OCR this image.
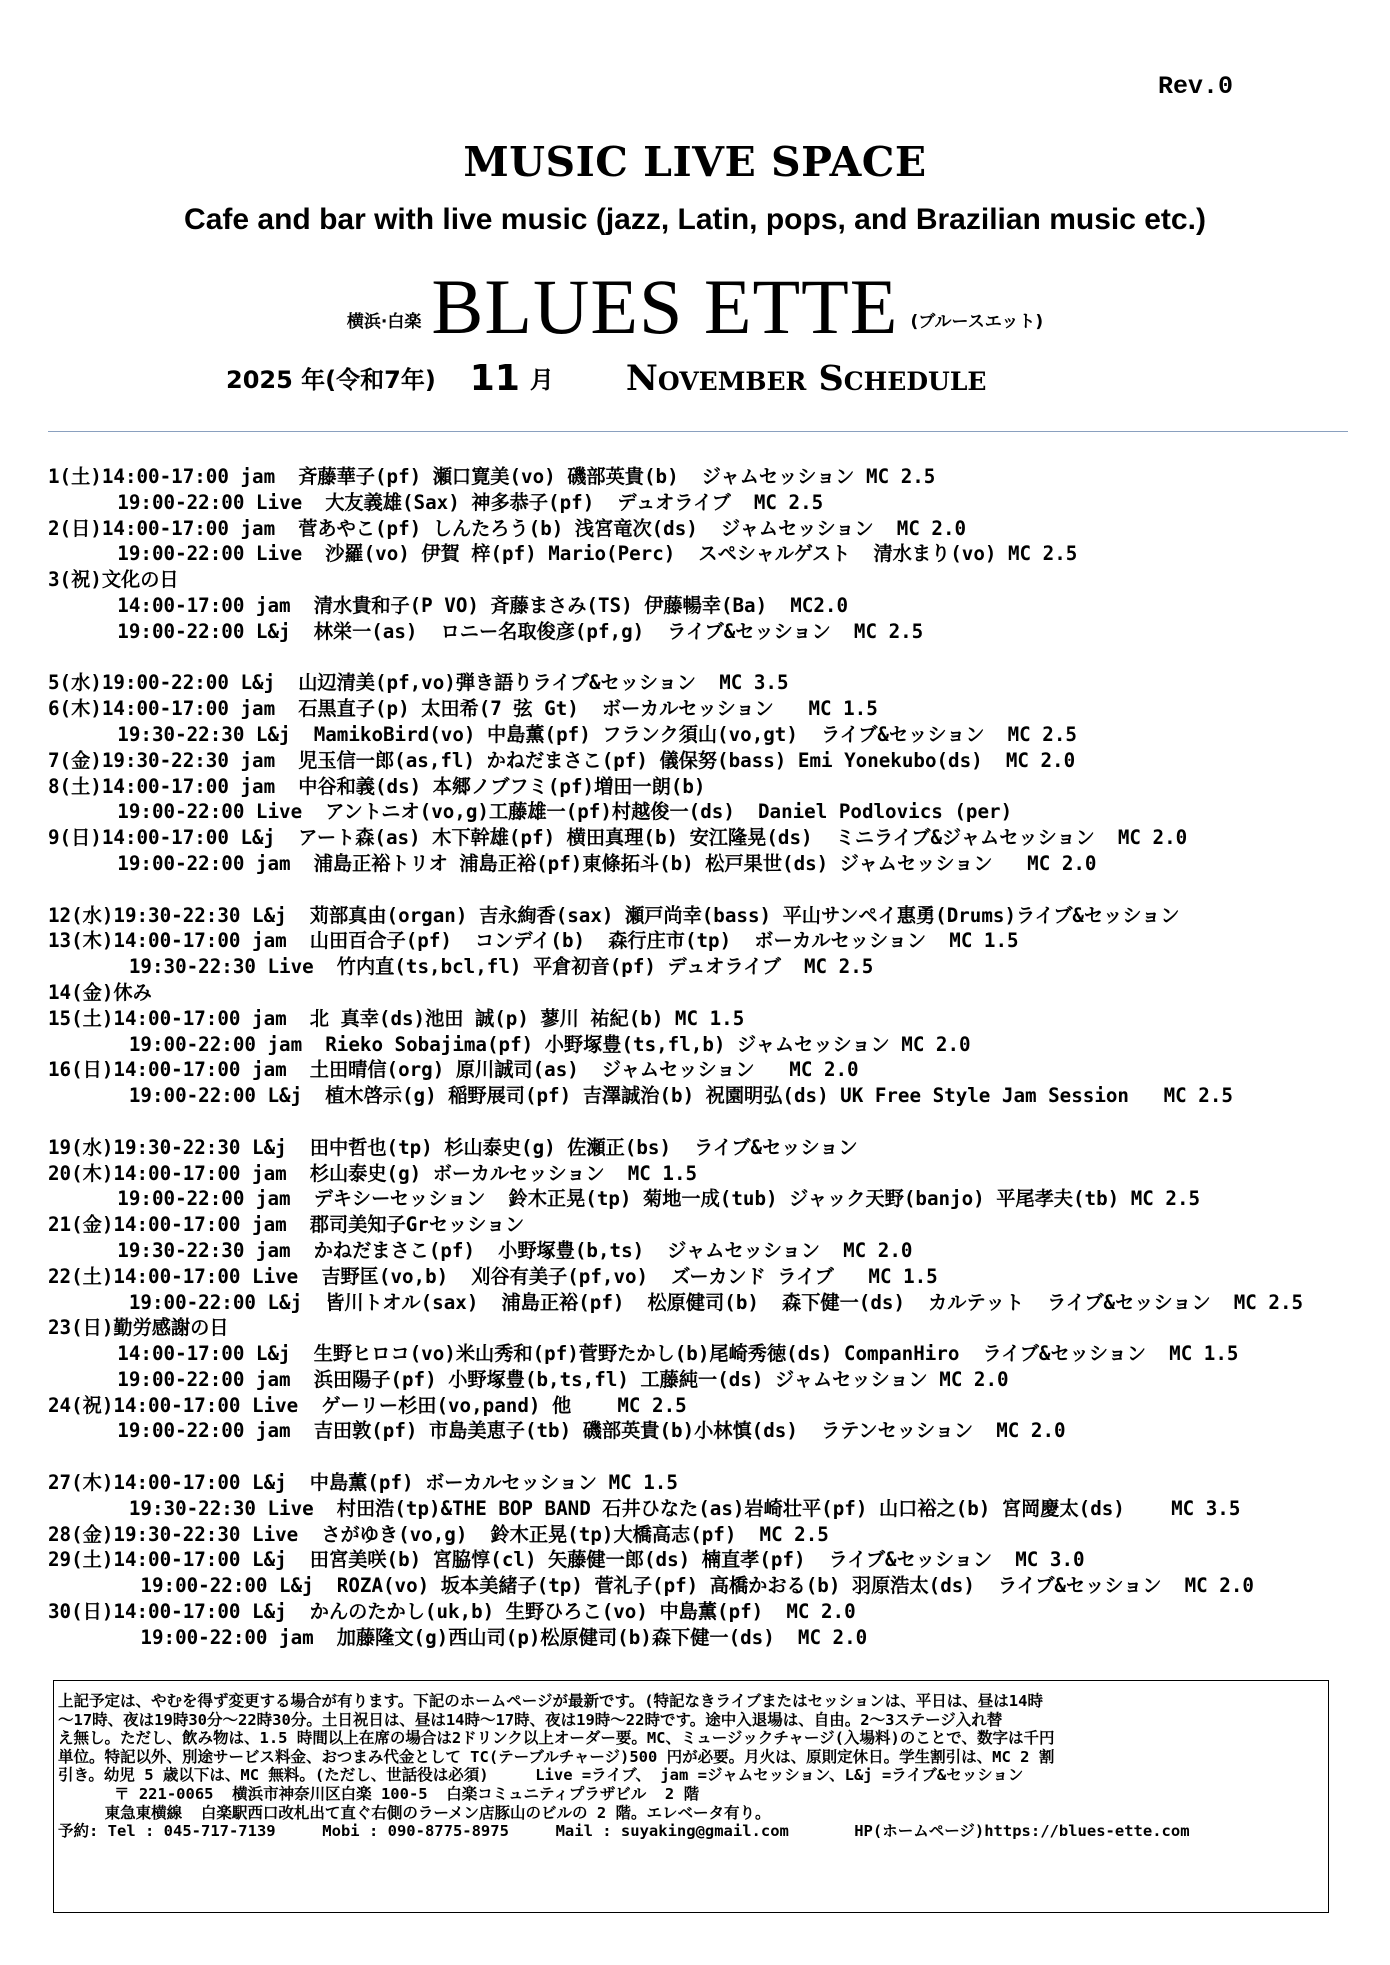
Rev.0
MUSIC LIVE SPACE
Cafe and bar with live music (jazz, Latin, pops, and Brazilian music etc.)
横浜·白楽 BLUES ETTE (ブルースエット)
2025 年(令和7年) 11 月 November Schedule
1(土)14:00-17:00 jam  斉藤華子(pf) 瀬口寛美(vo) 磯部英貴(b)  ジャムセッション MC 2.5
19:00-22:00 Live  大友義雄(Sax) 神多恭子(pf)  デュオライブ  MC 2.5
2(日)14:00-17:00 jam  菅あやこ(pf) しんたろう(b) 浅宮竜次(ds)  ジャムセッション  MC 2.0
19:00-22:00 Live  沙羅(vo) 伊賀 梓(pf) Mario(Perc)  スペシャルゲスト  清水まり(vo) MC 2.5
3(祝)文化の日
14:00-17:00 jam  清水貴和子(P VO) 斉藤まさみ(TS) 伊藤暢幸(Ba)  MC2.0
19:00-22:00 L&j  林栄一(as)  ロニー名取俊彦(pf,g)  ライブ&セッション  MC 2.5
5(水)19:00-22:00 L&j  山辺清美(pf,vo)弾き語りライブ&セッション  MC 3.5
6(木)14:00-17:00 jam  石黒直子(p) 太田希(7 弦 Gt)  ボーカルセッション   MC 1.5
19:30-22:30 L&j  MamikoBird(vo) 中島薫(pf) フランク須山(vo,gt)  ライブ&セッション  MC 2.5
7(金)19:30-22:30 jam  児玉信一郎(as,fl) かねだまさこ(pf) 儀保努(bass) Emi Yonekubo(ds)  MC 2.0
8(土)14:00-17:00 jam  中谷和義(ds) 本郷ノブフミ(pf)増田一朗(b)
19:00-22:00 Live  アントニオ(vo,g)工藤雄一(pf)村越俊一(ds)  Daniel Podlovics (per)
9(日)14:00-17:00 L&j  アート森(as) 木下幹雄(pf) 横田真理(b) 安江隆晃(ds)  ミニライブ&ジャムセッション  MC 2.0
19:00-22:00 jam  浦島正裕トリオ 浦島正裕(pf)東條拓斗(b) 松戸果世(ds) ジャムセッション   MC 2.0
12(水)19:30-22:30 L&j  苅部真由(organ) 吉永絢香(sax) 瀬戸尚幸(bass) 平山サンペイ惠勇(Drums)ライブ&セッション
13(木)14:00-17:00 jam  山田百合子(pf)  コンデイ(b)  森行庄市(tp)  ボーカルセッション  MC 1.5
19:30-22:30 Live  竹内直(ts,bcl,fl) 平倉初音(pf) デュオライブ  MC 2.5
14(金)休み
15(土)14:00-17:00 jam  北 真幸(ds)池田 誠(p) 蓼川 祐紀(b) MC 1.5
19:00-22:00 jam  Rieko Sobajima(pf) 小野塚豊(ts,fl,b) ジャムセッション MC 2.0
16(日)14:00-17:00 jam  土田晴信(org) 原川誠司(as)  ジャムセッション   MC 2.0
19:00-22:00 L&j  植木啓示(g) 稲野展司(pf) 吉澤誠治(b) 祝園明弘(ds) UK Free Style Jam Session   MC 2.5
19(水)19:30-22:30 L&j  田中哲也(tp) 杉山泰史(g) 佐瀬正(bs)  ライブ&セッション
20(木)14:00-17:00 jam  杉山泰史(g) ボーカルセッション  MC 1.5
19:00-22:00 jam  デキシーセッション  鈴木正晃(tp) 菊地一成(tub) ジャック天野(banjo) 平尾孝夫(tb) MC 2.5
21(金)14:00-17:00 jam  郡司美知子Grセッション
19:30-22:30 jam  かねだまさこ(pf)  小野塚豊(b,ts)  ジャムセッション  MC 2.0
22(土)14:00-17:00 Live  吉野匡(vo,b)  刈谷有美子(pf,vo)  ズーカンド ライブ   MC 1.5
19:00-22:00 L&j  皆川トオル(sax)  浦島正裕(pf)  松原健司(b)  森下健一(ds)  カルテット  ライブ&セッション  MC 2.5
23(日)勤労感謝の日
14:00-17:00 L&j  生野ヒロコ(vo)米山秀和(pf)菅野たかし(b)尾崎秀徳(ds) CompanHiro  ライブ&セッション  MC 1.5
19:00-22:00 jam  浜田陽子(pf) 小野塚豊(b,ts,fl) 工藤純一(ds) ジャムセッション MC 2.0
24(祝)14:00-17:00 Live  ゲーリー杉田(vo,pand) 他    MC 2.5
19:00-22:00 jam  吉田敦(pf) 市島美恵子(tb) 磯部英貴(b)小林慎(ds)  ラテンセッション  MC 2.0
27(木)14:00-17:00 L&j  中島薫(pf) ボーカルセッション MC 1.5
19:30-22:30 Live  村田浩(tp)&THE BOP BAND 石井ひなた(as)岩崎壮平(pf) 山口裕之(b) 宮岡慶太(ds)    MC 3.5
28(金)19:30-22:30 Live  さがゆき(vo,g)  鈴木正晃(tp)大橋高志(pf)  MC 2.5
29(土)14:00-17:00 L&j  田宮美咲(b) 宮脇惇(cl) 矢藤健一郎(ds) 楠直孝(pf)  ライブ&セッション  MC 3.0
19:00-22:00 L&j  ROZA(vo) 坂本美緒子(tp) 菅礼子(pf) 高橋かおる(b) 羽原浩太(ds)  ライブ&セッション  MC 2.0
30(日)14:00-17:00 L&j  かんのたかし(uk,b) 生野ひろこ(vo) 中島薫(pf)  MC 2.0
19:00-22:00 jam  加藤隆文(g)西山司(p)松原健司(b)森下健一(ds)  MC 2.0
上記予定は、やむを得ず変更する場合が有ります。下記のホームページが最新です。(特記なきライブまたはセッションは、平日は、昼は14時
〜17時、夜は19時30分〜22時30分。土日祝日は、昼は14時〜17時、夜は19時〜22時です。途中入退場は、自由。2〜3ステージ入れ替
え無し。ただし、飲み物は、1.5 時間以上在席の場合は2ドリンク以上オーダー要。MC、ミュージックチャージ(入場料)のことで、数字は千円
単位。特記以外、別途サービス料金、おつまみ代金として TC(テーブルチャージ)500 円が必要。月火は、原則定休日。学生割引は、MC 2 割
引き。幼児 5 歳以下は、MC 無料。(ただし、世話役は必須)     Live =ライブ、 jam =ジャムセッション、L&j =ライブ&セッション
〒 221-0065  横浜市神奈川区白楽 100-5  白楽コミュニティプラザビル  2 階
東急東横線  白楽駅西口改札出て直ぐ右側のラーメン店豚山のビルの 2 階。エレベータ有り。
予約: Tel : 045-717-7139     Mobi : 090-8775-8975     Mail : suyaking@gmail.com       HP(ホームページ)https://blues-ette.com
